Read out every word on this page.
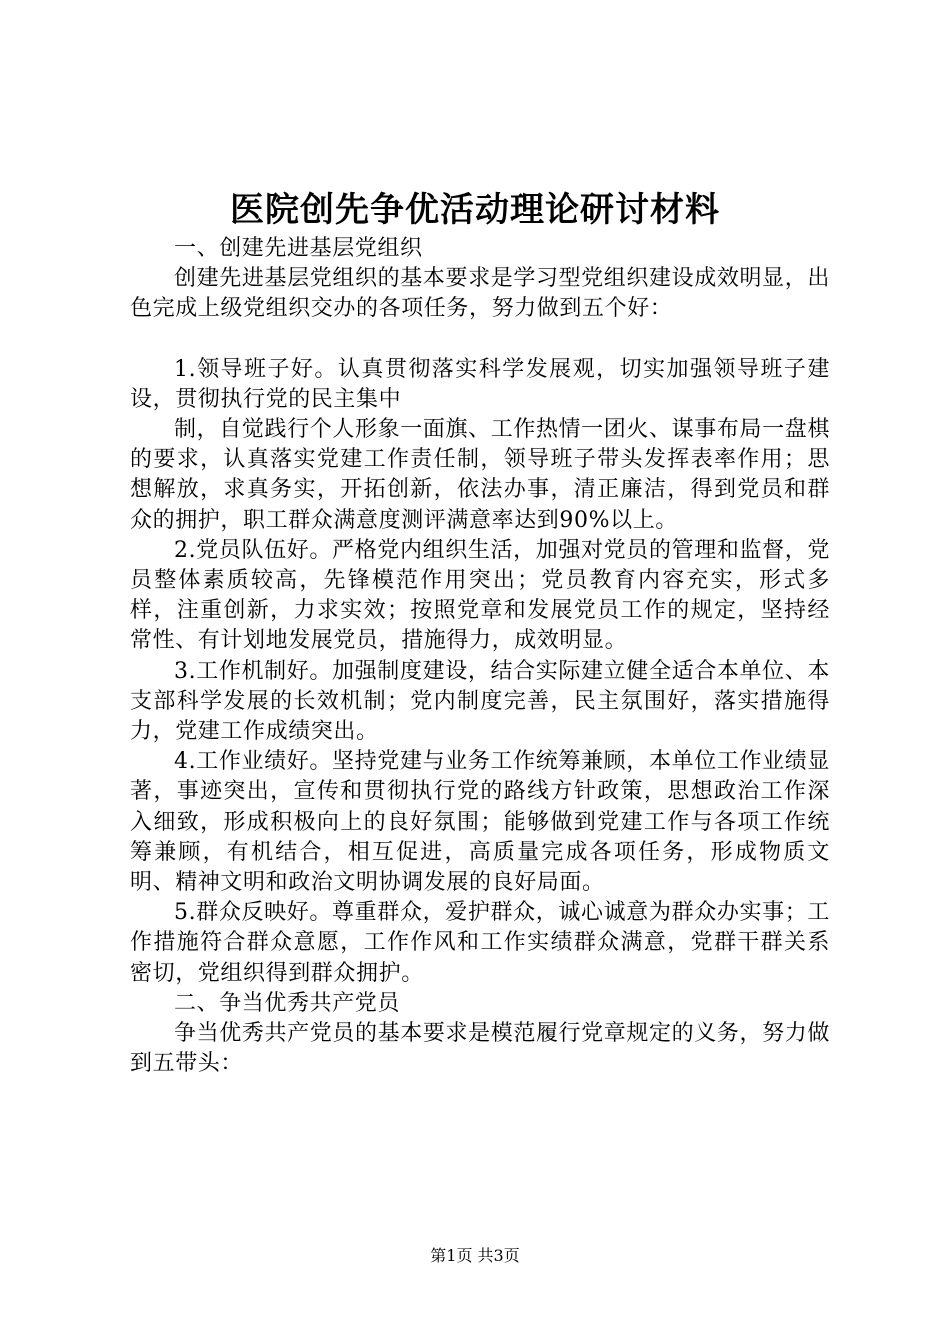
医院创先争优活动理论研讨材料

一、创建先进基层党组织

创建先进基层党组织的基本要求是学习型党组织建设成效明显，出色完成上级党组织交办的各项任务，努力做到五个好：

1.领导班子好。认真贯彻落实科学发展观，切实加强领导班子建设，贯彻执行党的民主集中

制，自觉践行个人形象一面旗、工作热情一团火、谋事布局一盘棋的要求，认真落实党建工作责任制，领导班子带头发挥表率作用；思想解放，求真务实，开拓创新，依法办事，清正廉洁，得到党员和群众的拥护，职工群众满意度测评满意率达到90%以上。

2.党员队伍好。严格党内组织生活，加强对党员的管理和监督，党员整体素质较高，先锋模范作用突出；党员教育内容充实，形式多样，注重创新，力求实效；按照党章和发展党员工作的规定，坚持经常性、有计划地发展党员，措施得力，成效明显。

3.工作机制好。加强制度建设，结合实际建立健全适合本单位、本支部科学发展的长效机制；党内制度完善，民主氛围好，落实措施得力，党建工作成绩突出。

4.工作业绩好。坚持党建与业务工作统筹兼顾，本单位工作业绩显著，事迹突出，宣传和贯彻执行党的路线方针政策，思想政治工作深入细致，形成积极向上的良好氛围；能够做到党建工作与各项工作统筹兼顾，有机结合，相互促进，高质量完成各项任务，形成物质文明、精神文明和政治文明协调发展的良好局面。

5.群众反映好。尊重群众，爱护群众，诚心诚意为群众办实事；工作措施符合群众意愿，工作作风和工作实绩群众满意，党群干群关系密切，党组织得到群众拥护。

二、争当优秀共产党员

争当优秀共产党员的基本要求是模范履行党章规定的义务，努力做到五带头：

第1页 共3页
